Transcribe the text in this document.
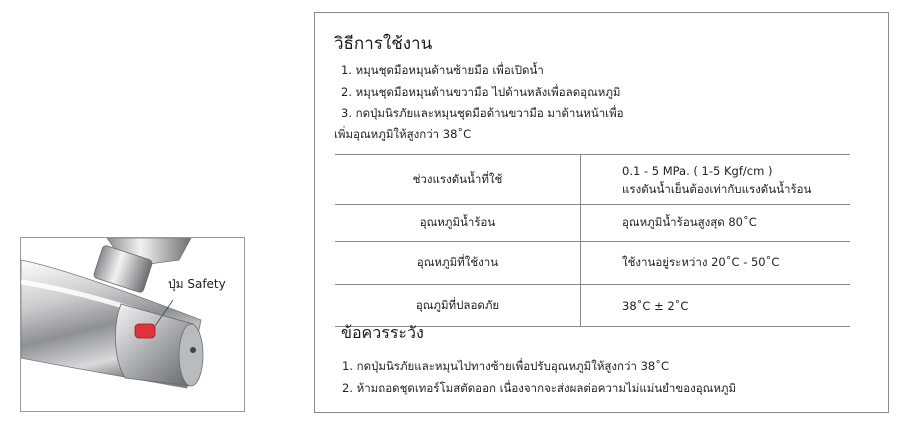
ปุ่ม Safety
วิธีการใช้งาน
1. หมุนชุดมือหมุนด้านซ้ายมือ เพื่อเปิดน้ำ
2. หมุนชุดมือหมุนด้านขวามือ ไปด้านหลังเพื่อลดอุณหภูมิ
3. กดปุ่มนิรภัยและหมุนชุดมือด้านขวามือ มาด้านหน้าเพื่อ
เพิ่มอุณหภูมิให้สูงกว่า 38˚C
ช่วงแรงดันน้ำที่ใช้	0.1 - 5 MPa. ( 1-5 Kgf/cm )
แรงดันน้ำเย็นต้องเท่ากับแรงดันน้ำร้อน

อุณหภูมิน้ำร้อน	อุณหภูมิน้ำร้อนสูงสุด 80˚C
อุณหภูมิที่ใช้งาน	ใช้งานอยู่ระหว่าง 20˚C - 50˚C
อุณภูมิที่ปลอดภัย	38˚C ± 2˚C
ข้อควรระวัง
1. กดปุ่มนิรภัยและหมุนไปทางซ้ายเพื่อปรับอุณหภูมิให้สูงกว่า 38˚C
2. ห้ามถอดชุดเทอร์โมสตัดออก เนื่องจากจะส่งผลต่อความไม่แม่นยำของอุณหภูมิ
